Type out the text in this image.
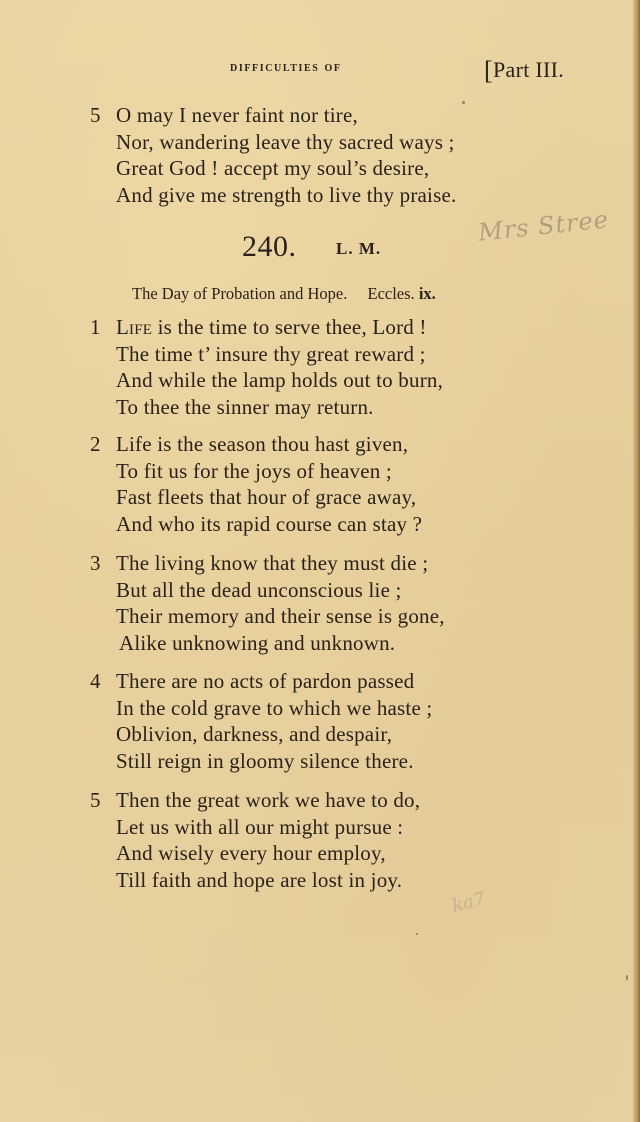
difficulties of	[Part III.
5 O may I never faint nor tire,
Nor, wandering leave thy sacred ways ;
Great God ! accept my soul’s desire,
And give me strength to live thy praise.
Mrs Stree
240. L. M.
The Day of Probation and Hope. Eccles. ix.
1 Life is the time to serve thee, Lord !
The time t’ insure thy great reward ;
And while the lamp holds out to burn,
To thee the sinner may return.
2 Life is the season thou hast given,
To fit us for the joys of heaven ;
Fast fleets that hour of grace away,
And who its rapid course can stay ?
3 The living know that they must die ;
But all the dead unconscious lie ;
Their memory and their sense is gone,
Alike unknowing and unknown.
4 There are no acts of pardon passed
In the cold grave to which we haste ;
Oblivion, darkness, and despair,
Still reign in gloomy silence there.
5 Then the great work we have to do,
Let us with all our might pursue :
And wisely every hour employ,
Till faith and hope are lost in joy.
ka7
